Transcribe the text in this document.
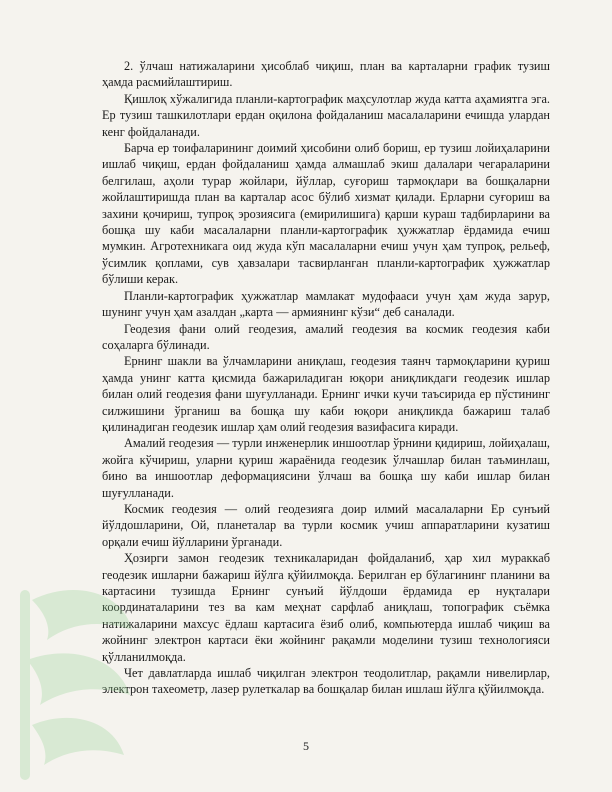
2. ўлчаш натижаларини ҳисоблаб чиқиш, план ва карталарни график тузиш ҳамда расмийлаштириш.

Қишлоқ хўжалигида планли-картографик маҳсулотлар жуда катта аҳамиятга эга. Ер тузиш ташкилотлари ердан оқилона фойдаланиш масалаларини ечишда улардан кенг фойдаланади.

Барча ер тоифаларининг доимий ҳисобини олиб бориш, ер тузиш лойиҳаларини ишлаб чиқиш, ердан фойдаланиш ҳамда алмашлаб экиш далалари чегараларини белгилаш, аҳоли турар жойлари, йўллар, суғориш тармоқлари ва бошқаларни жойлаштиришда план ва карталар асос бўлиб хизмат қилади. Ерларни суғориш ва захини қочириш, тупроқ эрозиясига (емирилишига) қарши кураш тадбирларини ва бошқа шу каби масалаларни планли-картографик ҳужжатлар ёрдамида ечиш мумкин. Агротехникага оид жуда кўп масалаларни ечиш учун ҳам тупроқ, рельеф, ўсимлик қоплами, сув ҳавзалари тасвирланган планли-картографик ҳужжатлар бўлиши керак.

Планли-картографик ҳужжатлар мамлакат мудофааси учун ҳам жуда зарур, шунинг учун ҳам азалдан „карта — армиянинг кўзи“ деб саналади.

Геодезия фани олий геодезия, амалий геодезия ва космик геодезия каби соҳаларга бўлинади.

Ернинг шакли ва ўлчамларини аниқлаш, геодезия таянч тармоқларини қуриш ҳамда унинг катта қисмида бажариладиган юқори аниқликдаги геодезик ишлар билан олий геодезия фани шуғулланади. Ернинг ички кучи таъсирида ер пўстининг силжишини ўрганиш ва бошқа шу каби юқори аниқликда бажариш талаб қилинадиган геодезик ишлар ҳам олий геодезия вазифасига киради.

Амалий геодезия — турли инженерлик иншоотлар ўрнини қидириш, лойиҳалаш, жойга кўчириш, уларни қуриш жараёнида геодезик ўлчашлар билан таъминлаш, бино ва иншоотлар деформациясини ўлчаш ва бошқа шу каби ишлар билан шуғулланади.

Космик геодезия — олий геодезияга доир илмий масалаларни Ер сунъий йўлдошларини, Ой, планеталар ва турли космик учиш аппаратларини кузатиш орқали ечиш йўлларини ўрганади.

Ҳозирги замон геодезик техникаларидан фойдаланиб, ҳар хил мураккаб геодезик ишларни бажариш йўлга қўйилмоқда. Берилган ер бўлагининг планини ва картасини тузишда Ернинг сунъий йўлдоши ёрдамида ер нуқталари координаталарини тез ва кам меҳнат сарфлаб аниқлаш, топографик съёмка натижаларини махсус ёдлаш картасига ёзиб олиб, компьютерда ишлаб чиқиш ва жойнинг электрон картаси ёки жойнинг рақамли моделини тузиш технологияси қўлланилмоқда.

Чет давлатларда ишлаб чиқилган электрон теодолитлар, рақамли нивелирлар, электрон тахеометр, лазер рулеткалар ва бошқалар билан ишлаш йўлга қўйилмоқда.

5
